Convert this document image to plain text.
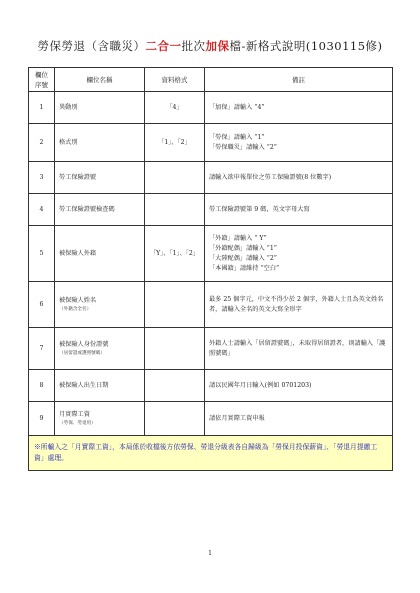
勞保勞退（含職災）二合一批次加保檔-新格式說明(1030115修)
欄位序號	欄位名稱	資料格式	備註
1	異動別	「4」	「加保」請輸入 “4”

2	格式別	「1」、「2」	「勞保」請輸入 “1”
「勞保職災」請輸入 “2”

3	勞工保險證號		請輸入欲申報單位之勞工保險證號(8 位數字)

4	勞工保險證號檢查碼		勞工保險證號第 9 碼，英文字母大寫

5	被保險人外籍	「Y」、「1」、「2」	「外籍」請輸入 “ Y”
「外籍配偶」請輸入 “1”
「大陸配偶」請輸入 “2”
「本國籍」請維持 “空白”

6	被保險人姓名
（外籍含全名）		最多 25 個字元，中文不得少於 2 個字，外籍人士且為英文姓名者，請輸入全名的英文大寫全形字

7	被保險人身份證號
（居留證或護照號碼）		外籍人士請輸入「居留證號碼」，未取得居留證者，則請輸入「護照號碼」

8	被保險人出生日期		請以民國年月日輸入(例如 0701203)

9	月實際工資
（勞保、勞退用）		請依月實際工資申報

※所輸入之「月實際工資」，本局係於收檔後方依勞保、勞退分級表各自歸級為「勞保月投保薪資」、「勞退月提繳工資」處理。			
1
